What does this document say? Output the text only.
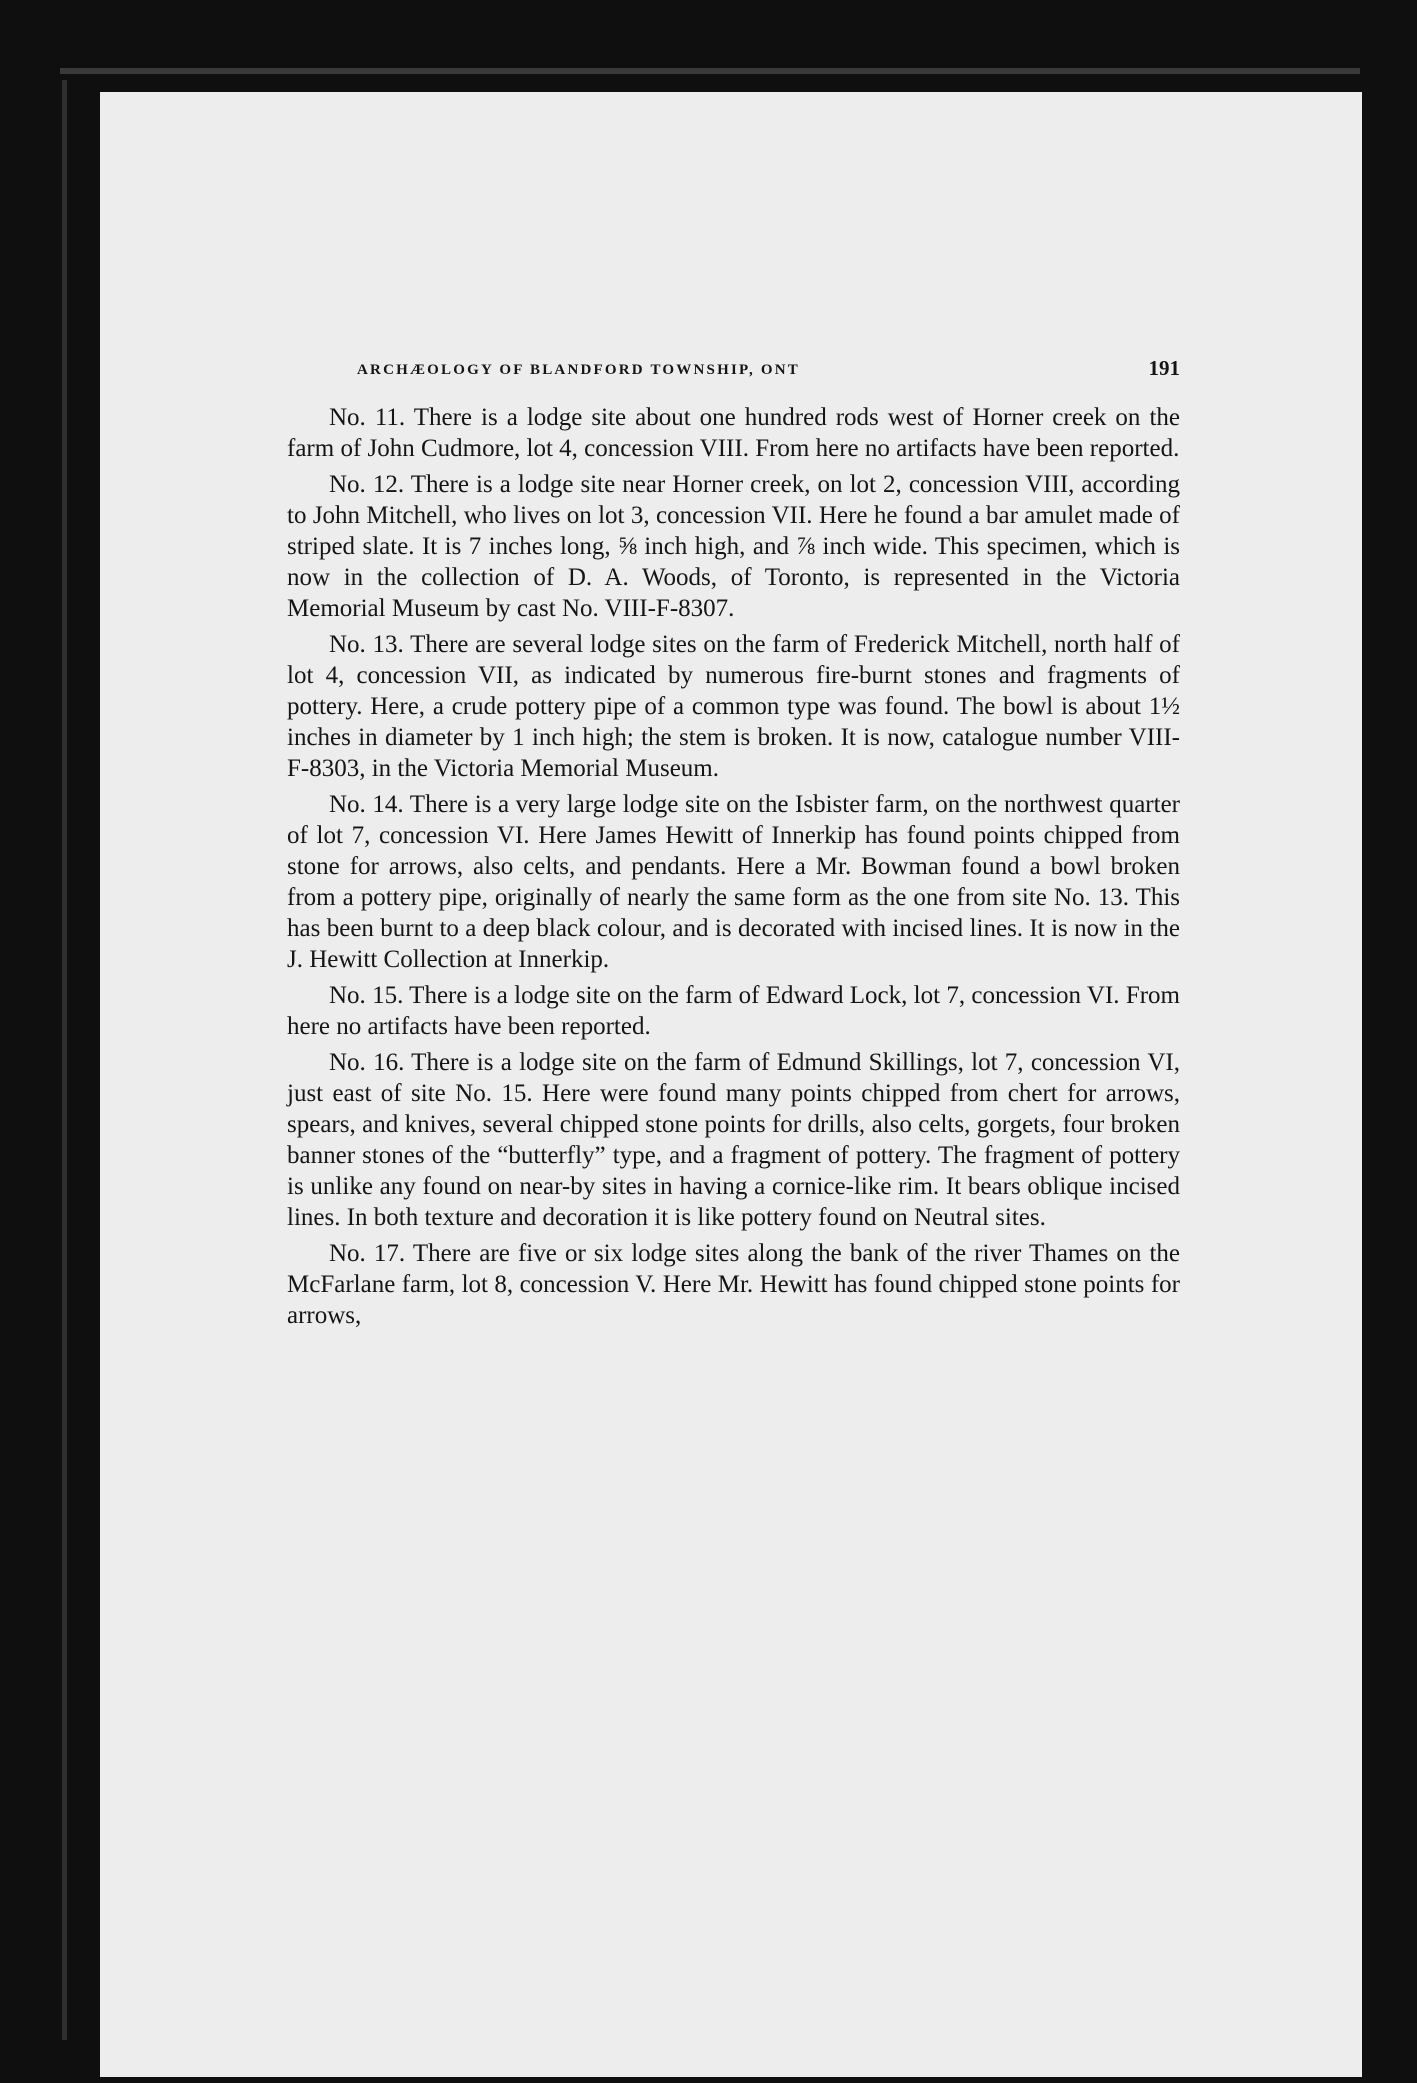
ARCHÆOLOGY OF BLANDFORD TOWNSHIP, ONT	191

No. 11. There is a lodge site about one hundred rods west of Horner creek on the farm of John Cudmore, lot 4, concession VIII. From here no artifacts have been reported.

No. 12. There is a lodge site near Horner creek, on lot 2, concession VIII, according to John Mitchell, who lives on lot 3, concession VII. Here he found a bar amulet made of striped slate. It is 7 inches long, ⅝ inch high, and ⅞ inch wide. This specimen, which is now in the collection of D. A. Woods, of Toronto, is represented in the Victoria Memorial Museum by cast No. VIII-F-8307.

No. 13. There are several lodge sites on the farm of Frederick Mitchell, north half of lot 4, concession VII, as indicated by numerous fire-burnt stones and fragments of pottery. Here, a crude pottery pipe of a common type was found. The bowl is about 1½ inches in diameter by 1 inch high; the stem is broken. It is now, catalogue number VIII-F-8303, in the Victoria Memorial Museum.

No. 14. There is a very large lodge site on the Isbister farm, on the northwest quarter of lot 7, concession VI. Here James Hewitt of Innerkip has found points chipped from stone for arrows, also celts, and pendants. Here a Mr. Bowman found a bowl broken from a pottery pipe, originally of nearly the same form as the one from site No. 13. This has been burnt to a deep black colour, and is decorated with incised lines. It is now in the J. Hewitt Collection at Innerkip.

No. 15. There is a lodge site on the farm of Edward Lock, lot 7, concession VI. From here no artifacts have been reported.

No. 16. There is a lodge site on the farm of Edmund Skillings, lot 7, concession VI, just east of site No. 15. Here were found many points chipped from chert for arrows, spears, and knives, several chipped stone points for drills, also celts, gorgets, four broken banner stones of the “butterfly” type, and a fragment of pottery. The fragment of pottery is unlike any found on near-by sites in having a cornice-like rim. It bears oblique incised lines. In both texture and decoration it is like pottery found on Neutral sites.

No. 17. There are five or six lodge sites along the bank of the river Thames on the McFarlane farm, lot 8, concession V. Here Mr. Hewitt has found chipped stone points for arrows,
